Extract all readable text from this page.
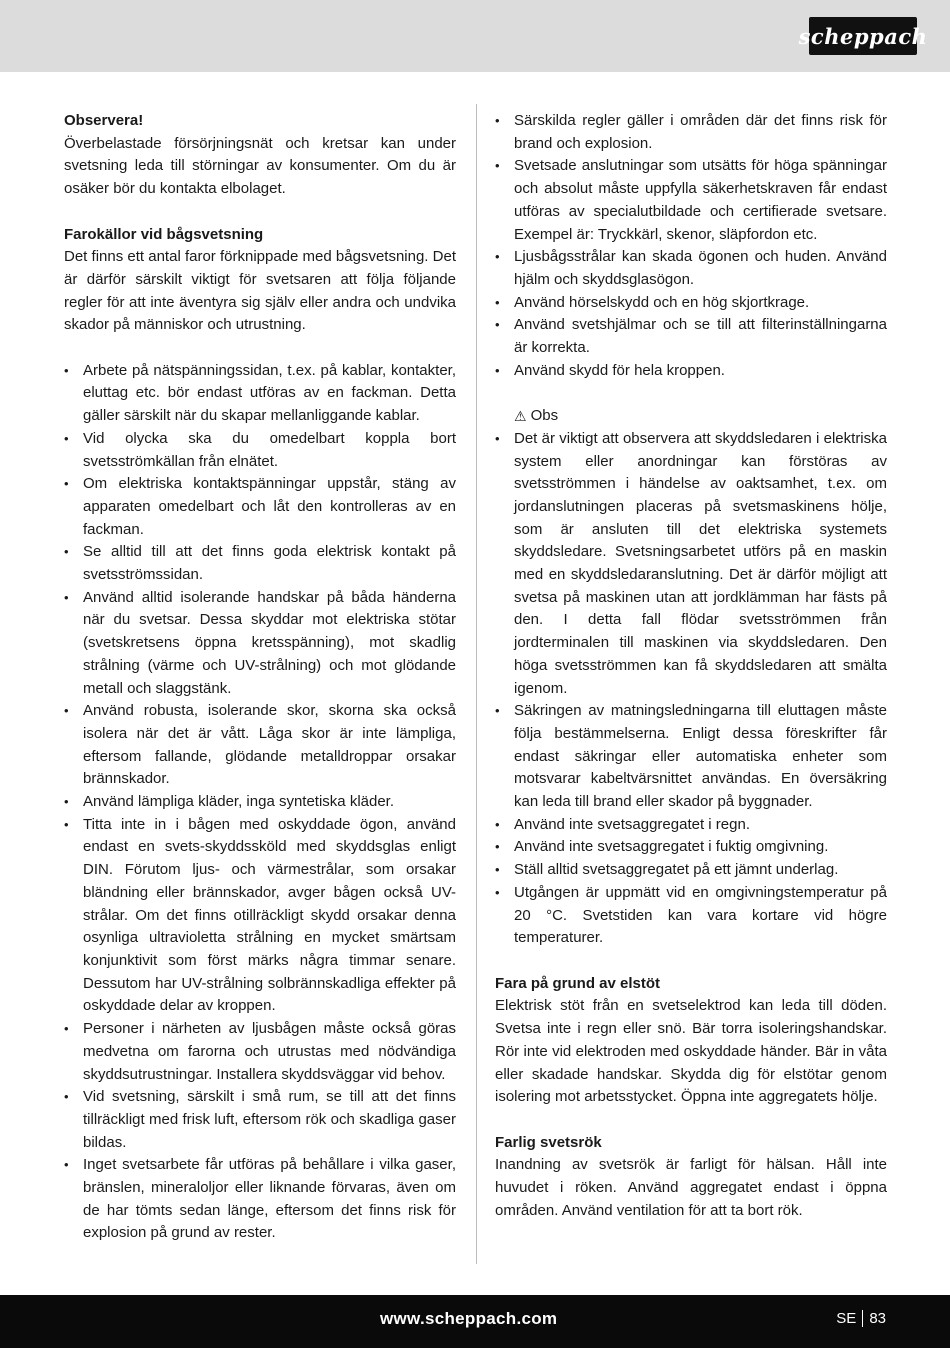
scheppach

Observera!

Överbelastade försörjningsnät och kretsar kan under svetsning leda till störningar av konsumenter. Om du är osäker bör du kontakta elbolaget.

Farokällor vid bågsvetsning

Det finns ett antal faror förknippade med bågsvetsning. Det är därför särskilt viktigt för svetsaren att följa följande regler för att inte äventyra sig själv eller andra och undvika skador på människor och utrustning.

• Arbete på nätspänningssidan, t.ex. på kablar, kontakter, eluttag etc. bör endast utföras av en fackman. Detta gäller särskilt när du skapar mellanliggande kablar.
• Vid olycka ska du omedelbart koppla bort svetsströmkällan från elnätet.
• Om elektriska kontaktspänningar uppstår, stäng av apparaten omedelbart och låt den kontrolleras av en fackman.
• Se alltid till att det finns goda elektrisk kontakt på svetsströmssidan.
• Använd alltid isolerande handskar på båda händerna när du svetsar. Dessa skyddar mot elektriska stötar (svetskretsens öppna kretsspänning), mot skadlig strålning (värme och UV-strålning) och mot glödande metall och slaggstänk.
• Använd robusta, isolerande skor, skorna ska också isolera när det är vått. Låga skor är inte lämpliga, eftersom fallande, glödande metalldroppar orsakar brännskador.
• Använd lämpliga kläder, inga syntetiska kläder.
• Titta inte in i bågen med oskyddade ögon, använd endast en svets-skyddssköld med skyddsglas enligt DIN. Förutom ljus- och värmestrålar, som orsakar bländning eller brännskador, avger bågen också UV-strålar. Om det finns otillräckligt skydd orsakar denna osynliga ultravioletta strålning en mycket smärtsam konjunktivit som först märks några timmar senare. Dessutom har UV-strålning solbrännskadliga effekter på oskyddade delar av kroppen.
• Personer i närheten av ljusbågen måste också göras medvetna om farorna och utrustas med nödvändiga skyddsutrustningar. Installera skyddsväggar vid behov.
• Vid svetsning, särskilt i små rum, se till att det finns tillräckligt med frisk luft, eftersom rök och skadliga gaser bildas.
• Inget svetsarbete får utföras på behållare i vilka gaser, bränslen, mineraloljor eller liknande förvaras, även om de har tömts sedan länge, eftersom det finns risk för explosion på grund av rester.
• Särskilda regler gäller i områden där det finns risk för brand och explosion.
• Svetsade anslutningar som utsätts för höga spänningar och absolut måste uppfylla säkerhetskraven får endast utföras av specialutbildade och certifierade svetsare. Exempel är: Tryckkärl, skenor, släpfordon etc.
• Ljusbågsstrålar kan skada ögonen och huden. Använd hjälm och skyddsglasögon.
• Använd hörselskydd och en hög skjortkrage.
• Använd svetshjälmar och se till att filterinställningarna är korrekta.
• Använd skydd för hela kroppen.
⚠ Obs
• Det är viktigt att observera att skyddsledaren i elektriska system eller anordningar kan förstöras av svetsströmmen i händelse av oaktsamhet, t.ex. om jordanslutningen placeras på svetsmaskinens hölje, som är ansluten till det elektriska systemets skyddsledare. Svetsningsarbetet utförs på en maskin med en skyddsledaranslutning. Det är därför möjligt att svetsa på maskinen utan att jordklämman har fästs på den. I detta fall flödar svetsströmmen från jordterminalen till maskinen via skyddsledaren. Den höga svetsströmmen kan få skyddsledaren att smälta igenom.
• Säkringen av matningsledningarna till eluttagen måste följa bestämmelserna. Enligt dessa föreskrifter får endast säkringar eller automatiska enheter som motsvarar kabeltvärsnittet användas. En översäkring kan leda till brand eller skador på byggnader.
• Använd inte svetsaggregatet i regn.
• Använd inte svetsaggregatet i fuktig omgivning.
• Ställ alltid svetsaggregatet på ett jämnt underlag.
• Utgången är uppmätt vid en omgivningstemperatur på 20 °C. Svetstiden kan vara kortare vid högre temperaturer.

Fara på grund av elstöt

Elektrisk stöt från en svetselektrod kan leda till döden. Svetsa inte i regn eller snö. Bär torra isoleringshandskar. Rör inte vid elektroden med oskyddade händer. Bär in våta eller skadade handskar. Skydda dig för elstötar genom isolering mot arbetsstycket. Öppna inte aggregatets hölje.

Farlig svetsrök

Inandning av svetsrök är farligt för hälsan. Håll inte huvudet i röken. Använd aggregatet endast i öppna områden. Använd ventilation för att ta bort rök.

www.scheppach.com	SE 83
